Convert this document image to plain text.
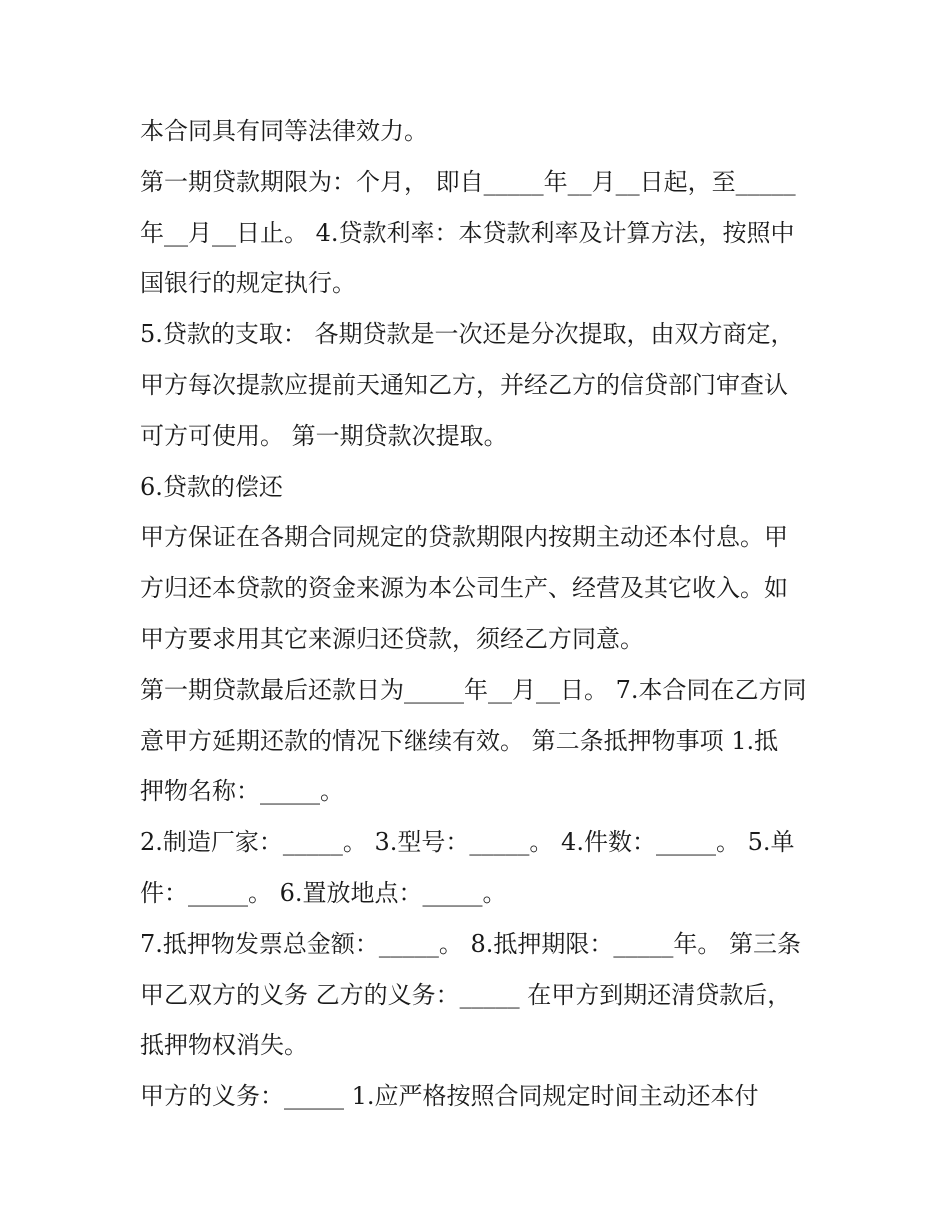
本合同具有同等法律效力。
第一期贷款期限为：个月， 即自_____年__月__日起，至_____
年__月__日止。 4.贷款利率：本贷款利率及计算方法，按照中
国银行的规定执行。
5.贷款的支取： 各期贷款是一次还是分次提取，由双方商定，
甲方每次提款应提前天通知乙方，并经乙方的信贷部门审查认
可方可使用。 第一期贷款次提取。
6.贷款的偿还
甲方保证在各期合同规定的贷款期限内按期主动还本付息。甲
方归还本贷款的资金来源为本公司生产、经营及其它收入。如
甲方要求用其它来源归还贷款，须经乙方同意。
第一期贷款最后还款日为_____年__月__日。 7.本合同在乙方同
意甲方延期还款的情况下继续有效。 第二条抵押物事项 1.抵
押物名称：_____。
2.制造厂家：_____。 3.型号：_____。 4.件数：_____。 5.单
件：_____。 6.置放地点：_____。
7.抵押物发票总金额：_____。 8.抵押期限：_____年。 第三条
甲乙双方的义务 乙方的义务：_____ 在甲方到期还清贷款后，
抵押物权消失。
甲方的义务：_____ 1.应严格按照合同规定时间主动还本付
